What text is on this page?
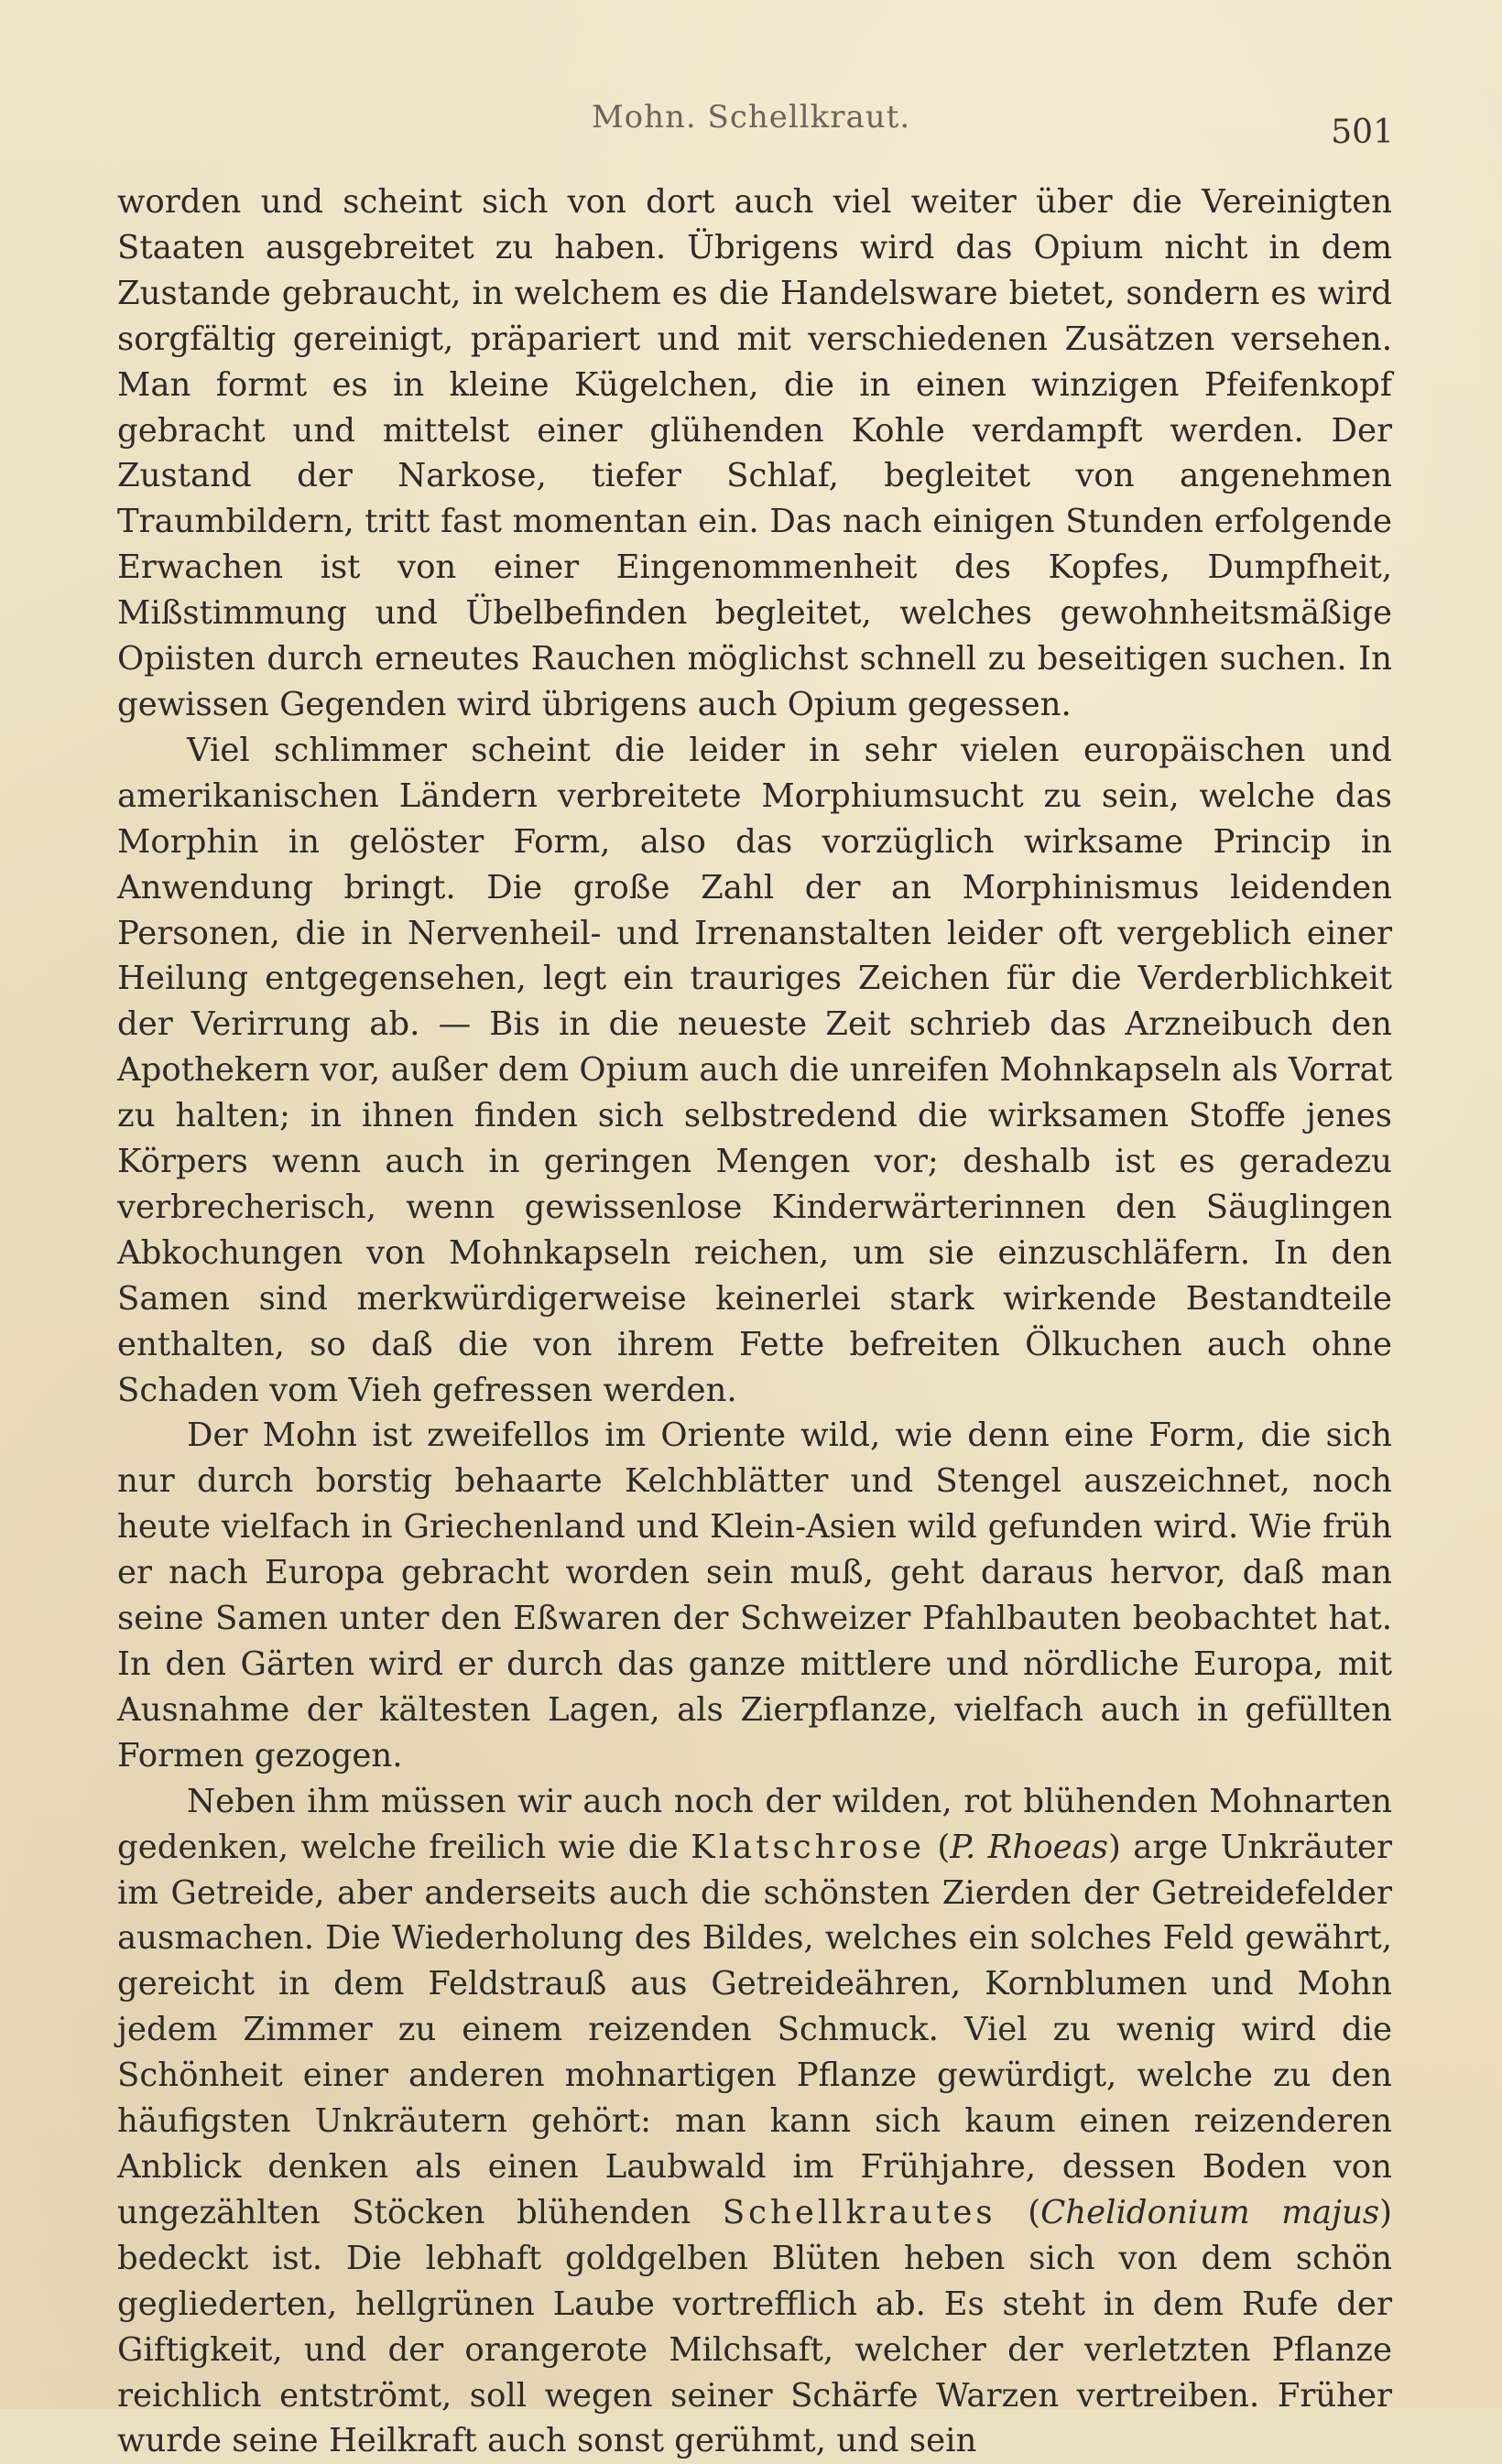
Mohn. Schellkraut.	501

worden und scheint sich von dort auch viel weiter über die Vereinigten Staaten ausgebreitet zu haben. Übrigens wird das Opium nicht in dem Zustande gebraucht, in welchem es die Handelsware bietet, sondern es wird sorgfältig gereinigt, präpariert und mit verschiedenen Zusätzen versehen. Man formt es in kleine Kügelchen, die in einen winzigen Pfeifenkopf gebracht und mittelst einer glühenden Kohle verdampft werden. Der Zustand der Narkose, tiefer Schlaf, begleitet von angenehmen Traumbildern, tritt fast momentan ein. Das nach einigen Stunden erfolgende Erwachen ist von einer Eingenommenheit des Kopfes, Dumpfheit, Mißstimmung und Übelbefinden begleitet, welches gewohnheitsmäßige Opiisten durch erneutes Rauchen möglichst schnell zu beseitigen suchen. In gewissen Gegenden wird übrigens auch Opium gegessen.

Viel schlimmer scheint die leider in sehr vielen europäischen und amerikanischen Ländern verbreitete Morphiumsucht zu sein, welche das Morphin in gelöster Form, also das vorzüglich wirksame Princip in Anwendung bringt. Die große Zahl der an Morphinismus leidenden Personen, die in Nervenheil- und Irrenanstalten leider oft vergeblich einer Heilung entgegensehen, legt ein trauriges Zeichen für die Verderblichkeit der Verirrung ab. — Bis in die neueste Zeit schrieb das Arzneibuch den Apothekern vor, außer dem Opium auch die unreifen Mohnkapseln als Vorrat zu halten; in ihnen finden sich selbstredend die wirksamen Stoffe jenes Körpers wenn auch in geringen Mengen vor; deshalb ist es geradezu verbrecherisch, wenn gewissenlose Kinderwärterinnen den Säuglingen Abkochungen von Mohnkapseln reichen, um sie einzuschläfern. In den Samen sind merkwürdigerweise keinerlei stark wirkende Bestandteile enthalten, so daß die von ihrem Fette befreiten Ölkuchen auch ohne Schaden vom Vieh gefressen werden.

Der Mohn ist zweifellos im Oriente wild, wie denn eine Form, die sich nur durch borstig behaarte Kelchblätter und Stengel auszeichnet, noch heute vielfach in Griechenland und Klein-Asien wild gefunden wird. Wie früh er nach Europa gebracht worden sein muß, geht daraus hervor, daß man seine Samen unter den Eßwaren der Schweizer Pfahlbauten beobachtet hat. In den Gärten wird er durch das ganze mittlere und nördliche Europa, mit Ausnahme der kältesten Lagen, als Zierpflanze, vielfach auch in gefüllten Formen gezogen.

Neben ihm müssen wir auch noch der wilden, rot blühenden Mohnarten gedenken, welche freilich wie die Klatschrose (P. Rhoeas) arge Unkräuter im Getreide, aber anderseits auch die schönsten Zierden der Getreidefelder ausmachen. Die Wiederholung des Bildes, welches ein solches Feld gewährt, gereicht in dem Feldstrauß aus Getreideähren, Kornblumen und Mohn jedem Zimmer zu einem reizenden Schmuck. Viel zu wenig wird die Schönheit einer anderen mohnartigen Pflanze gewürdigt, welche zu den häufigsten Unkräutern gehört: man kann sich kaum einen reizenderen Anblick denken als einen Laubwald im Frühjahre, dessen Boden von ungezählten Stöcken blühenden Schellkrautes (Chelidonium majus) bedeckt ist. Die lebhaft goldgelben Blüten heben sich von dem schön gegliederten, hellgrünen Laube vortrefflich ab. Es steht in dem Rufe der Giftigkeit, und der orangerote Milchsaft, welcher der verletzten Pflanze reichlich entströmt, soll wegen seiner Schärfe Warzen vertreiben. Früher wurde seine Heilkraft auch sonst gerühmt, und sein
